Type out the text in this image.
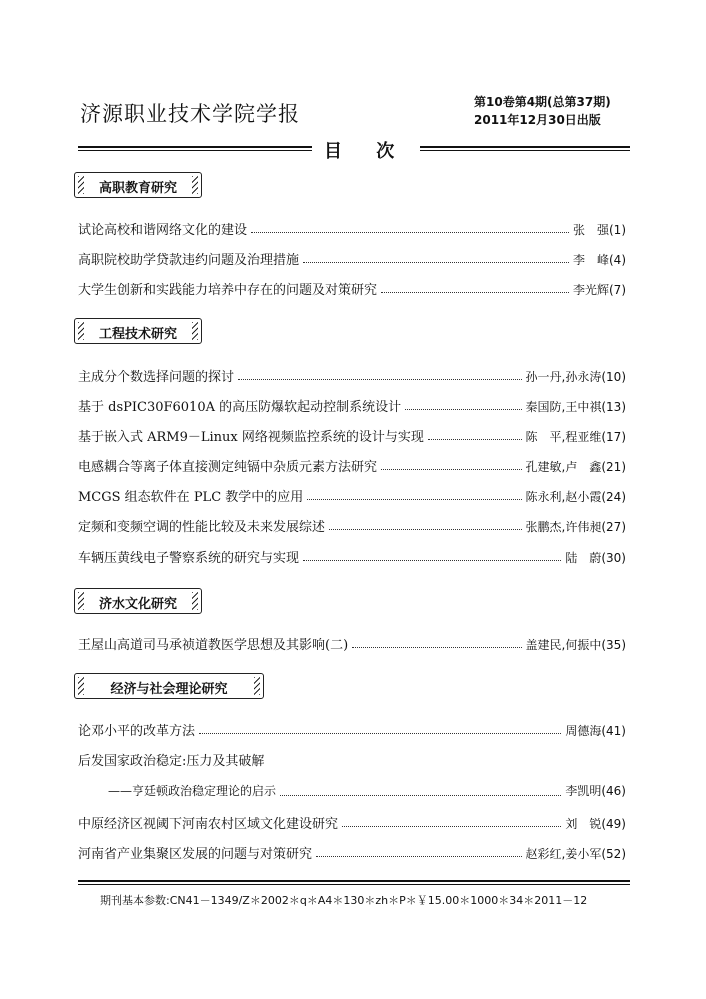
济源职业技术学院学报	第10卷第4期(总第37期)
2011年12月30日出版
目 次
高职教育研究
试论高校和谐网络文化的建设	张　强(1)
高职院校助学贷款违约问题及治理措施	李　峰(4)
大学生创新和实践能力培养中存在的问题及对策研究	李光辉(7)
工程技术研究
主成分个数选择问题的探讨	孙一丹,孙永涛(10)
基于 dsPIC30F6010A 的高压防爆软起动控制系统设计	秦国防,王中祺(13)
基于嵌入式 ARM9－Linux 网络视频监控系统的设计与实现	陈　平,程亚维(17)
电感耦合等离子体直接测定纯镉中杂质元素方法研究	孔建敏,卢　鑫(21)
MCGS 组态软件在 PLC 教学中的应用	陈永利,赵小霞(24)
定频和变频空调的性能比较及未来发展综述	张鹏杰,许伟昶(27)
车辆压黄线电子警察系统的研究与实现	陆　蔚(30)
济水文化研究
王屋山高道司马承祯道教医学思想及其影响(二)	盖建民,何振中(35)
经济与社会理论研究
论邓小平的改革方法	周德海(41)
后发国家政治稳定:压力及其破解
——亨廷顿政治稳定理论的启示	李凯明(46)
中原经济区视阈下河南农村区域文化建设研究	刘　锐(49)
河南省产业集聚区发展的问题与对策研究	赵彩红,姜小军(52)
期刊基本参数:CN41－1349/Z＊2002＊q＊A4＊130＊zh＊P＊￥15.00＊1000＊34＊2011－12
